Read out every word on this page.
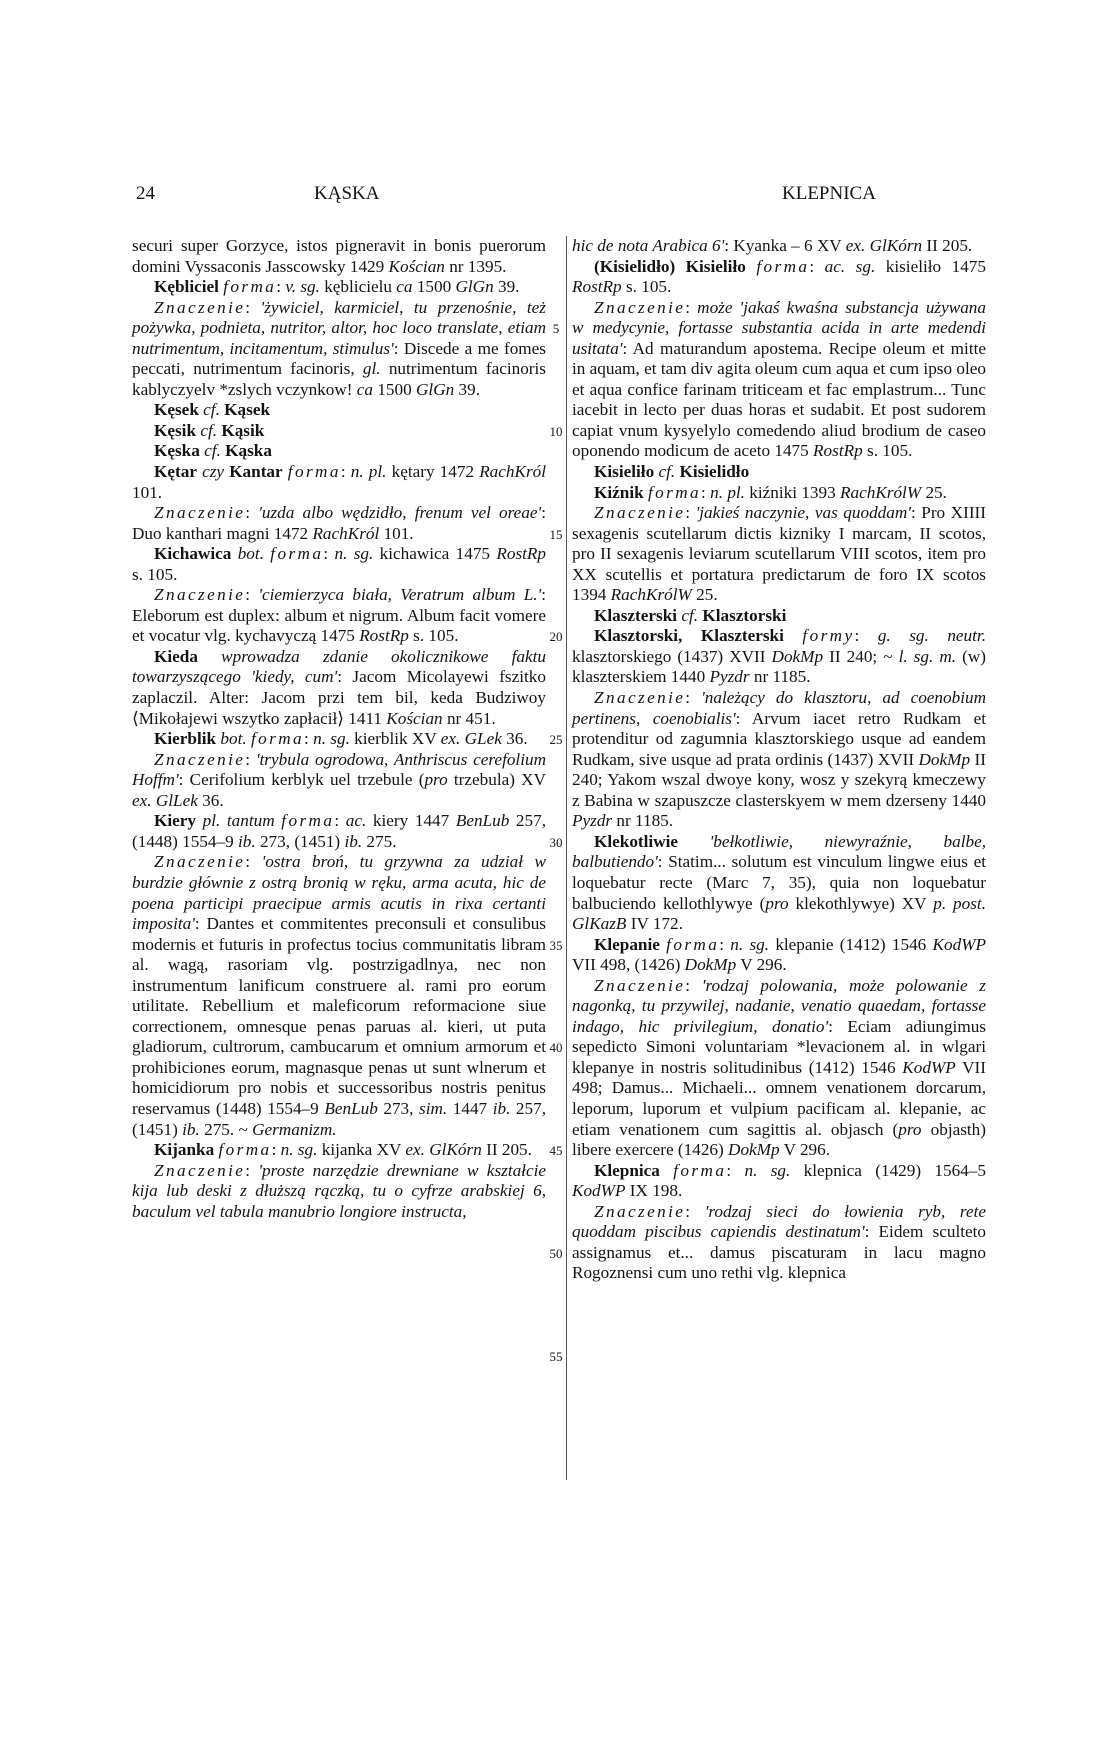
24	KĄSKA	KLEPNICA

securi super Gorzyce, istos pigneravit in bonis puerorum domini Vyssaconis Jasscowsky 1429 Kościan nr 1395.

Kębliciel forma: v. sg. kęblicielu ca 1500 GlGn 39.

Znaczenie: 'żywiciel, karmiciel, tu przenośnie, też pożywka, podnieta, nutritor, altor, hoc loco translate, etiam nutrimentum, incitamentum, stimulus': Discede a me fomes peccati, nutrimentum facinoris, gl. nutrimentum facinoris kablyczyelv *zslych vczynkow! ca 1500 GlGn 39.

Kęsek cf. Kąsek

Kęsik cf. Kąsik

Kęska cf. Kąska

Kętar czy Kantar forma: n. pl. kętary 1472 RachKról 101.

Znaczenie: 'uzda albo wędzidło, frenum vel oreae': Duo kanthari magni 1472 RachKról 101.

Kichawica bot. forma: n. sg. kichawica 1475 RostRp s. 105.

Znaczenie: 'ciemierzyca biała, Veratrum album L.': Eleborum est duplex: album et nigrum. Album facit vomere et vocatur vlg. kychavyczą 1475 RostRp s. 105.

Kieda wprowadza zdanie okolicznikowe faktu towarzyszącego 'kiedy, cum': Jacom Micolayewi fszitko zaplaczil. Alter: Jacom przi tem bil, keda Budziwoy ⟨Mikołajewi wszytko zapłacił⟩ 1411 Kościan nr 451.

Kierblik bot. forma: n. sg. kierblik XV ex. GLek 36.

Znaczenie: 'trybula ogrodowa, Anthriscus cerefolium Hoffm': Cerifolium kerblyk uel trzebule (pro trzebula) XV ex. GlLek 36.

Kiery pl. tantum forma: ac. kiery 1447 BenLub 257, (1448) 1554–9 ib. 273, (1451) ib. 275.

Znaczenie: 'ostra broń, tu grzywna za udział w burdzie głównie z ostrą bronią w ręku, arma acuta, hic de poena participi praecipue armis acutis in rixa certanti imposita': Dantes et commitentes preconsuli et consulibus modernis et futuris in profectus tocius communitatis libram al. wagą, rasoriam vlg. postrzigadlnya, nec non instrumentum lanificum construere al. rami pro eorum utilitate. Rebellium et maleficorum reformacione siue correctionem, omnesque penas paruas al. kieri, ut puta gladiorum, cultrorum, cambucarum et omnium armorum et prohibiciones eorum, magnasque penas ut sunt wlnerum et homicidiorum pro nobis et successoribus nostris penitus reservamus (1448) 1554–9 BenLub 273, sim. 1447 ib. 257, (1451) ib. 275. ~ Germanizm.

Kijanka forma: n. sg. kijanka XV ex. GlKórn II 205.

Znaczenie: 'proste narzędzie drewniane w kształcie kija lub deski z dłuższą rączką, tu o cyfrze arabskiej 6, baculum vel tabula manubrio longiore instructa,

5
10
15
20
25
30
35
40
45
50
55

hic de nota Arabica 6': Kyanka – 6 XV ex. GlKórn II 205.

(Kisielidło) Kisieliło forma: ac. sg. kisieliło 1475 RostRp s. 105.

Znaczenie: może 'jakaś kwaśna substancja używana w medycynie, fortasse substantia acida in arte medendi usitata': Ad maturandum apostema. Recipe oleum et mitte in aquam, et tam div agita oleum cum aqua et cum ipso oleo et aqua confice farinam triticeam et fac emplastrum... Tunc iacebit in lecto per duas horas et sudabit. Et post sudorem capiat vnum kysyelylo comedendo aliud brodium de caseo oponendo modicum de aceto 1475 RostRp s. 105.

Kisieliło cf. Kisielidło

Kiźnik forma: n. pl. kiźniki 1393 RachKrólW 25.

Znaczenie: 'jakieś naczynie, vas quoddam': Pro XIIII sexagenis scutellarum dictis kizniky I marcam, II scotos, pro II sexagenis leviarum scutellarum VIII scotos, item pro XX scutellis et portatura predictarum de foro IX scotos 1394 RachKrólW 25.

Klaszterski cf. Klasztorski

Klasztorski, Klaszterski formy: g. sg. neutr. klasztorskiego (1437) XVII DokMp II 240; ~ l. sg. m. (w) klaszterskiem 1440 Pyzdr nr 1185.

Znaczenie: 'należący do klasztoru, ad coenobium pertinens, coenobialis': Arvum iacet retro Rudkam et protenditur od zagumnia klasztorskiego usque ad eandem Rudkam, sive usque ad prata ordinis (1437) XVII DokMp II 240; Yakom wszal dwoye kony, wosz y szekyrą kmeczewy z Babina w szapuszcze clasterskyem w mem dzerseny 1440 Pyzdr nr 1185.

Klekotliwie 'bełkotliwie, niewyraźnie, balbe, balbutiendo': Statim... solutum est vinculum lingwe eius et loquebatur recte (Marc 7, 35), quia non loquebatur balbuciendo kellothlywye (pro klekothlywye) XV p. post. GlKazB IV 172.

Klepanie forma: n. sg. klepanie (1412) 1546 KodWP VII 498, (1426) DokMp V 296.

Znaczenie: 'rodzaj polowania, może polowanie z nagonką, tu przywilej, nadanie, venatio quaedam, fortasse indago, hic privilegium, donatio': Eciam adiungimus sepedicto Simoni voluntariam *levacionem al. in wlgari klepanye in nostris solitudinibus (1412) 1546 KodWP VII 498; Damus... Michaeli... omnem venationem dorcarum, leporum, luporum et vulpium pacificam al. klepanie, ac etiam venationem cum sagittis al. objasch (pro objasth) libere exercere (1426) DokMp V 296.

Klepnica forma: n. sg. klepnica (1429) 1564–5 KodWP IX 198.

Znaczenie: 'rodzaj sieci do łowienia ryb, rete quoddam piscibus capiendis destinatum': Eidem sculteto assignamus et... damus piscaturam in lacu magno Rogoznensi cum uno rethi vlg. klepnica
